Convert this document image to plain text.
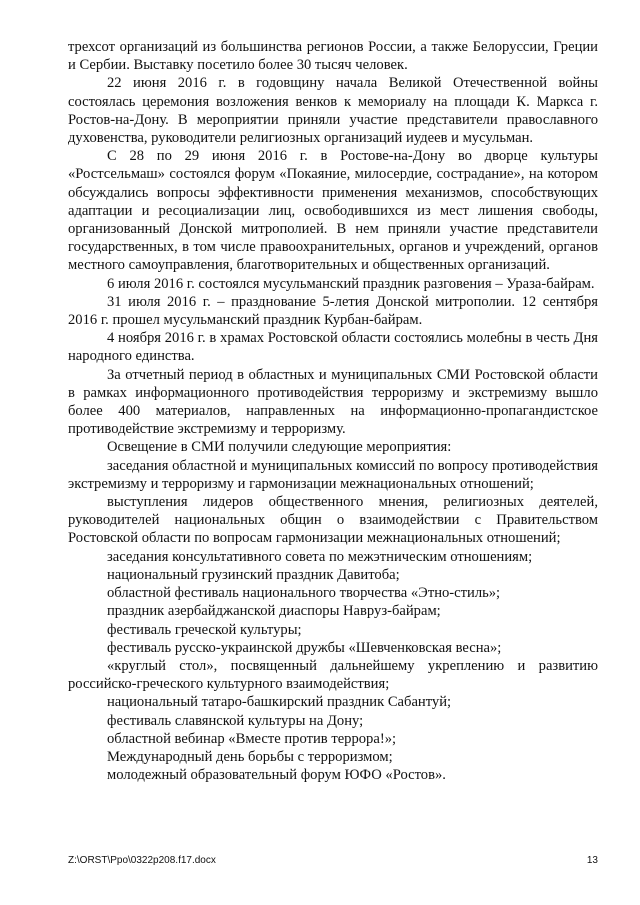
трехсот организаций из большинства регионов России, а также Белоруссии, Греции и Сербии. Выставку посетило более 30 тысяч человек.

22 июня 2016 г. в годовщину начала Великой Отечественной войны состоялась церемония возложения венков к мемориалу на площади К. Маркса г. Ростов-на-Дону. В мероприятии приняли участие представители православного духовенства, руководители религиозных организаций иудеев и мусульман.

С 28 по 29 июня 2016 г. в Ростове-на-Дону во дворце культуры «Ростсельмаш» состоялся форум «Покаяние, милосердие, сострадание», на котором обсуждались вопросы эффективности применения механизмов, способствующих адаптации и ресоциализации лиц, освободившихся из мест лишения свободы, организованный Донской митрополией. В нем приняли участие представители государственных, в том числе правоохранительных, органов и учреждений, органов местного самоуправления, благотворительных и общественных организаций.

6 июля 2016 г. состоялся мусульманский праздник разговения – Ураза-байрам.

31 июля 2016 г. – празднование 5-летия Донской митрополии. 12 сентября 2016 г. прошел мусульманский праздник Курбан-байрам.

4 ноября 2016 г. в храмах Ростовской области состоялись молебны в честь Дня народного единства.

За отчетный период в областных и муниципальных СМИ Ростовской области в рамках информационного противодействия терроризму и экстремизму вышло более 400 материалов, направленных на информационно-пропагандистское противодействие экстремизму и терроризму.

Освещение в СМИ получили следующие мероприятия:

заседания областной и муниципальных комиссий по вопросу противодействия экстремизму и терроризму и гармонизации межнациональных отношений;

выступления лидеров общественного мнения, религиозных деятелей, руководителей национальных общин о взаимодействии с Правительством Ростовской области по вопросам гармонизации межнациональных отношений;

заседания консультативного совета по межэтническим отношениям;

национальный грузинский праздник Давитоба;

областной фестиваль национального творчества «Этно-стиль»;

праздник азербайджанской диаспоры Навруз-байрам;

фестиваль греческой культуры;

фестиваль русско-украинской дружбы «Шевченковская весна»;

«круглый стол», посвященный дальнейшему укреплению и развитию российско-греческого культурного взаимодействия;

национальный татаро-башкирский праздник Сабантуй;

фестиваль славянской культуры на Дону;

областной вебинар «Вместе против террора!»;

Международный день борьбы с терроризмом;

молодежный образовательный форум ЮФО «Ростов».

Z:\ORST\Ppo\0322p208.f17.docx	13
